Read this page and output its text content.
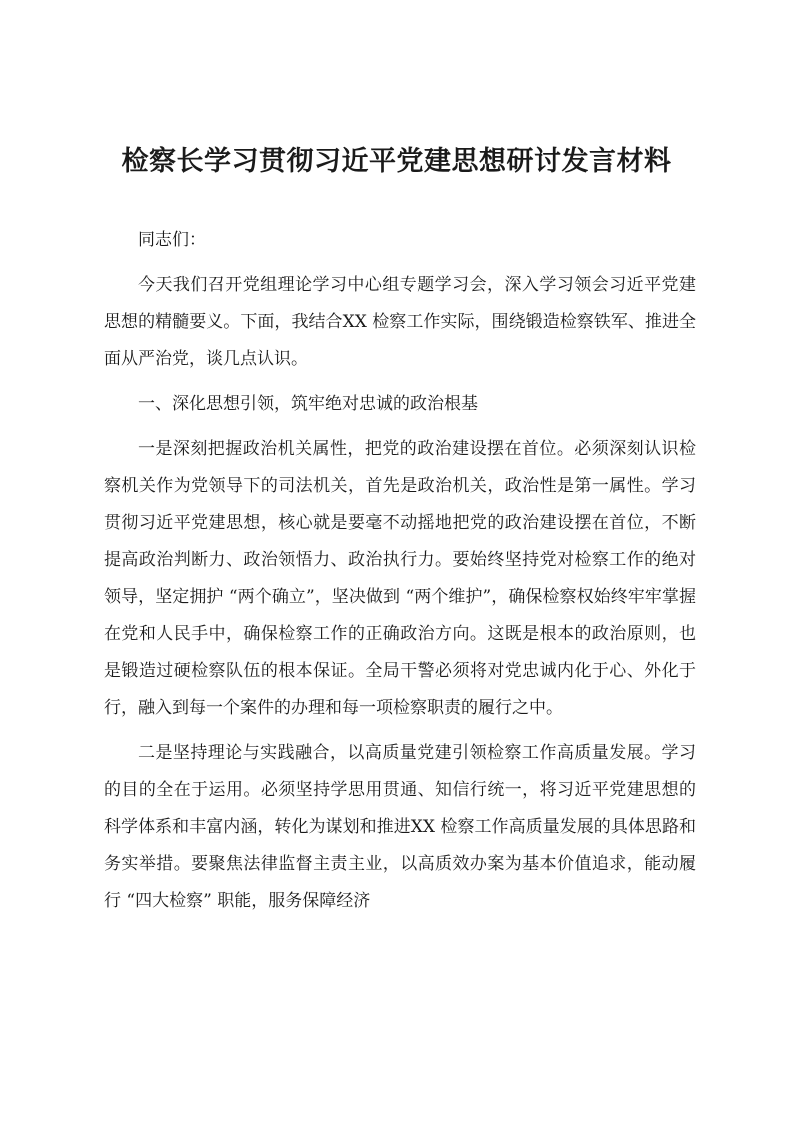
检察长学习贯彻习近平党建思想研讨发言材料

同志们：

今天我们召开党组理论学习中心组专题学习会，深入学习领会习近平党建思想的精髓要义。下面，我结合XX 检察工作实际，围绕锻造检察铁军、推进全面从严治党，谈几点认识。

一、深化思想引领，筑牢绝对忠诚的政治根基

一是深刻把握政治机关属性，把党的政治建设摆在首位。必须深刻认识检察机关作为党领导下的司法机关，首先是政治机关，政治性是第一属性。学习贯彻习近平党建思想，核心就是要毫不动摇地把党的政治建设摆在首位，不断提高政治判断力、政治领悟力、政治执行力。要始终坚持党对检察工作的绝对领导，坚定拥护 “两个确立”，坚决做到 “两个维护”，确保检察权始终牢牢掌握在党和人民手中，确保检察工作的正确政治方向。这既是根本的政治原则，也是锻造过硬检察队伍的根本保证。全局干警必须将对党忠诚内化于心、外化于行，融入到每一个案件的办理和每一项检察职责的履行之中。

二是坚持理论与实践融合，以高质量党建引领检察工作高质量发展。学习的目的全在于运用。必须坚持学思用贯通、知信行统一，将习近平党建思想的科学体系和丰富内涵，转化为谋划和推进XX 检察工作高质量发展的具体思路和务实举措。要聚焦法律监督主责主业，以高质效办案为基本价值追求，能动履行 “四大检察” 职能，服务保障经济
